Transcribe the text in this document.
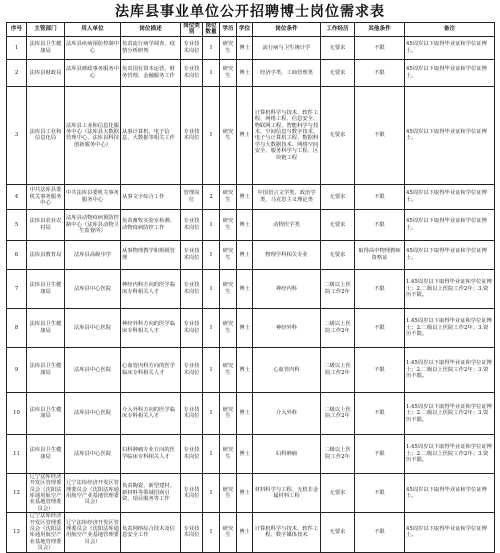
法库县事业单位公开招聘博士岗位需求表
序号	主管部门	用人单位	岗位描述	岗位类别	岗位数量	学历	学位	岗位条件	工作经历	其他条件	备注
1	法库县卫生健康局	法库县疾病预防控制中心	负责流行病学调查、疫情分析研判	专业技术岗位	1	研究生	博士	流行病与卫生统计学	无要求	不限	45周岁以下取得毕业证和学位证博士。
2	法库县财政局	法库县财政事务服务中心	负责国有资本运营、财务管理、金融服务工作	专业技术岗位	1	研究生	博士	经济学类、工商管理类	无要求	不限	45周岁以下取得毕业证和学位证博士。
3	法库县工业和信息化局	法库县工业和信息化服务中心（法库县大数据管理中心、法库县科技创新服务中心）	从事计算机、电子信息、大数据等相关工作	专业技术岗位	1	研究生	博士	计算机科学与技术、软件工程、网络工程、信息安全、物联网工程、智能科学与技术、空间信息与数字技术、电子与计算机工程、数据科学与大数据技术、网络空间安全、服务科学与工程、区块链工程	无要求	不限	45周岁以下取得毕业证和学位证博士。
4	中共法库县委机关事务服务中心	中共法库县委机关事务服务中心	从事文字综合工作	管理岗位	2	研究生	博士	中国语言文学类、政治学类、马克思主义理论类	无要求	不限	45周岁以下取得毕业证和学位证博士。
5	法库县农业农村局	法库县动物疫病预防控制中心（法库县动物卫生监督所）	负责畜牧实验室检测、动物疫病防控工作	专业技术岗位	1	研究生	博士	动物医学类	无要求	不限	45周岁以下取得毕业证和学位证博士。
6	法库县教育局	法库县高级中学	从事物理教学和班级管理	专业技术岗位	1	研究生	博士	物理学科相关专业	无要求	取得高中物理教师资格证	45周岁以下取得毕业证和学位证博士。
7	法库县卫生健康局	法库县中心医院	神经内科方向的医学临床专科相关人才	专业技术岗位	1	研究生	博士	神经内科	二级以上医院工作2年	不限	1.45周岁以下取得毕业证和学位证博士；2.二级以上医院工作2年；3.资历不限。
8	法库县卫生健康局	法库县中心医院	神经外科方向的医学临床专科相关人才	专业技术岗位	1	研究生	博士	神经外科	二级以上医院工作2年	不限	1.45周岁以下取得毕业证和学位证博士；2.二级以上医院工作2年；3.资历不限。
9	法库县卫生健康局	法库县中心医院	心血管内科方向的医学临床专科相关人才	专业技术岗位	1	研究生	博士	心血管内科	二级以上医院工作2年	不限	1.45周岁以下取得毕业证和学位证博士；2.二级以上医院工作2年；3.资历不限。
10	法库县卫生健康局	法库县中心医院	介入外科方向的医学临床专科相关人才	专业技术岗位	1	研究生	博士	介入外科	二级以上医院工作2年	不限	1.45周岁以下取得毕业证和学位证博士；2.二级以上医院工作2年；3.资历不限。
11	法库县卫生健康局	法库县中心医院	妇科肿瘤专业方向的医学临床专科相关人才	专业技术岗位	1	研究生	博士	妇科肿瘤	二级以上医院工作2年	不限	1.45周岁以下取得毕业证和学位证博士；2.二级以上医院工作2年；3.资历不限。
12	辽宁法库经济开发区管理委员会（沈阳法库通用航空产业基地管理委员会）	辽宁法库经济开发区管理委员会（沈阳法库通用航空产业基地管理委员会）	负责陶瓷、新型建材、新材料等领域招商引资、项目服务等工作	专业技术岗位	1	研究生	博士	材料科学与工程、无机非金属材料工程	无要求	不限	45周岁以下取得毕业证和学位证博士。
13	辽宁法库经济开发区管理委员会（沈阳法库通用航空产业基地管理委员会）	辽宁法库经济开发区管理委员会（沈阳法库通用航空产业基地管理委员会）	负责网络综合技术及信息安全工作	专业技术岗位	1	研究生	博士	计算机科学与技术、软件工程、数字媒体技术	无要求	不限	45周岁以下取得毕业证和学位证博士。
